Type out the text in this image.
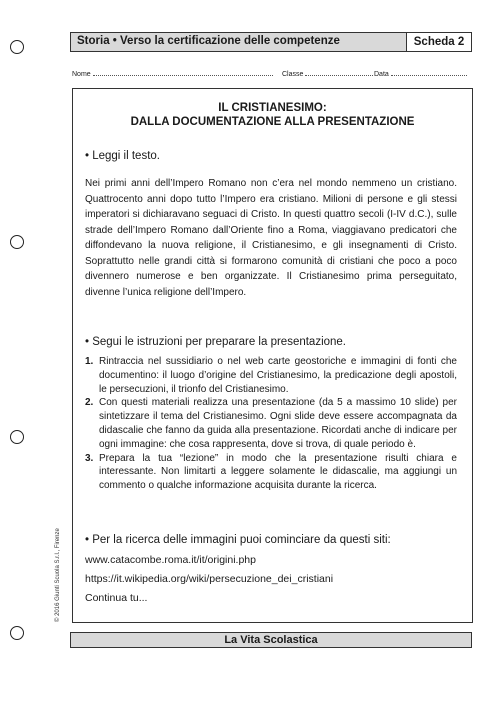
Storia • Verso la certificazione delle competenze	Scheda 2
Nome	Classe	Data
IL CRISTIANESIMO:
DALLA DOCUMENTAZIONE ALLA PRESENTAZIONE
• Leggi il testo.
Nei primi anni dell’Impero Romano non c’era nel mondo nemmeno un cristiano. Quattrocento anni dopo tutto l’Impero era cristiano. Milioni di persone e gli stessi imperatori si dichiaravano seguaci di Cristo. In questi quattro secoli (I-IV d.C.), sulle strade dell’Impero Romano dall’Oriente fino a Roma, viaggiavano predicatori che diffondevano la nuova religione, il Cristianesimo, e gli insegnamenti di Cristo. Soprattutto nelle grandi città si formarono comunità di cristiani che poco a poco divennero numerose e ben organizzate. Il Cristianesimo prima perseguitato, divenne l’unica religione dell’Impero.
• Segui le istruzioni per preparare la presentazione.
1. Rintraccia nel sussidiario o nel web carte geostoriche e immagini di fonti che documentino: il luogo d’origine del Cristianesimo, la predicazione degli apostoli, le persecuzioni, il trionfo del Cristianesimo.
2. Con questi materiali realizza una presentazione (da 5 a massimo 10 slide) per sintetizzare il tema del Cristianesimo. Ogni slide deve essere accompagnata da didascalie che fanno da guida alla presentazione. Ricordati anche di indicare per ogni immagine: che cosa rappresenta, dove si trova, di quale periodo è.
3. Prepara la tua “lezione” in modo che la presentazione risulti chiara e interessante. Non limitarti a leggere solamente le didascalie, ma aggiungi un commento o qualche informazione acquisita durante la ricerca.
• Per la ricerca delle immagini puoi cominciare da questi siti:
www.catacombe.roma.it/it/origini.php
https://it.wikipedia.org/wiki/persecuzione_dei_cristiani
Continua tu...
© 2016 Giunti Scuola S.r.l., Firenze
La Vita Scolastica
